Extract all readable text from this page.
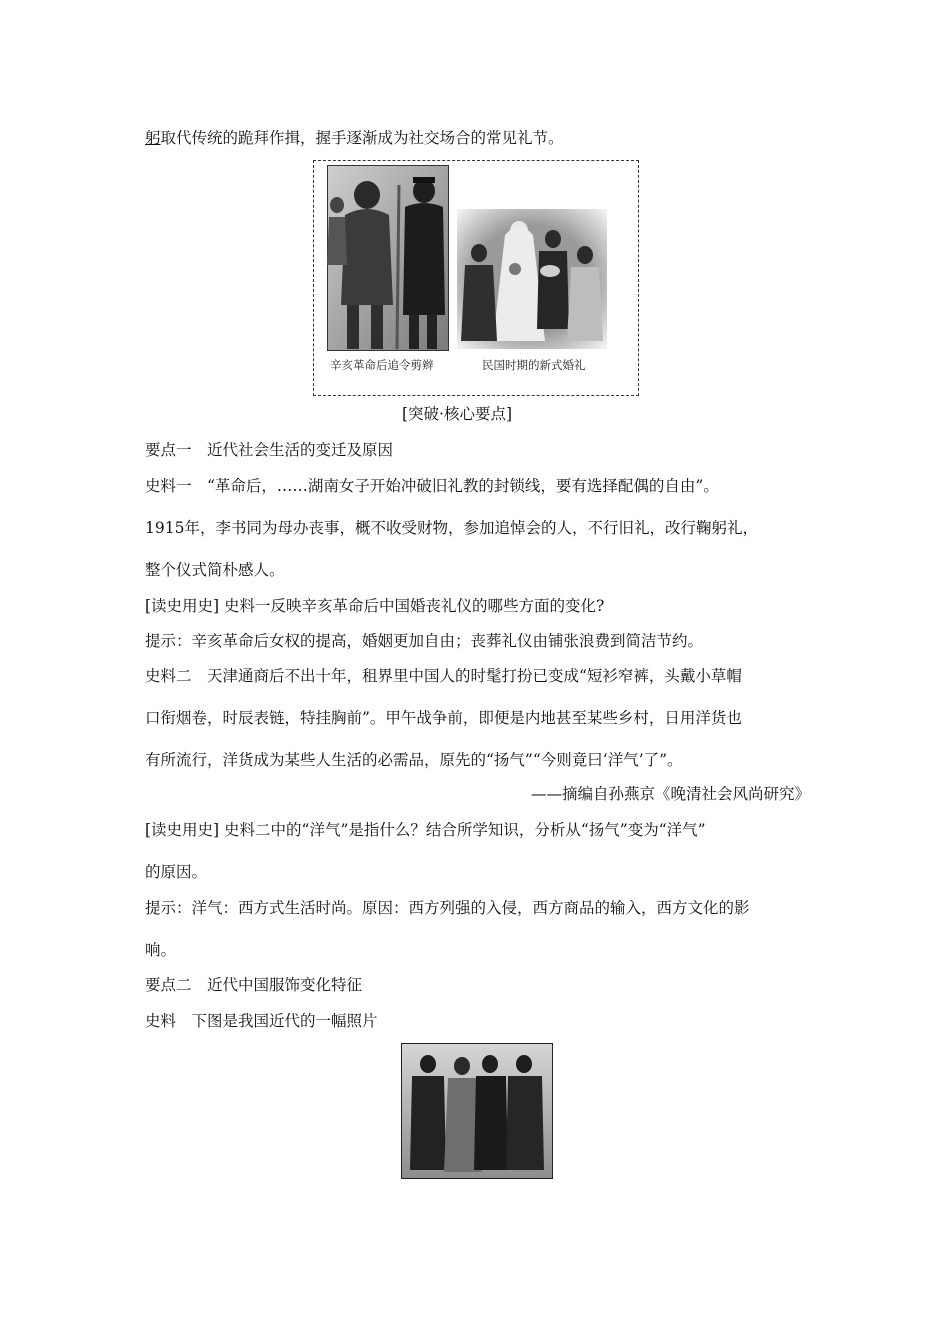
躬取代传统的跪拜作揖，握手逐渐成为社交场合的常见礼节。
辛亥革命后追令剪辫	民国时期的新式婚礼
[突破·核心要点]
要点一　近代社会生活的变迁及原因
史料一　“革命后，……湖南女子开始冲破旧礼教的封锁线，要有选择配偶的自由”。
1915年，李书同为母办丧事，概不收受财物，参加追悼会的人，不行旧礼，改行鞠躬礼，
整个仪式简朴感人。
[读史用史] 史料一反映辛亥革命后中国婚丧礼仪的哪些方面的变化?
提示：辛亥革命后女权的提高，婚姻更加自由；丧葬礼仪由铺张浪费到简洁节约。
史料二　天津通商后不出十年，租界里中国人的时髦打扮已变成“短衫窄裤，头戴小草帽
口衔烟卷，时辰表链，特挂胸前”。甲午战争前，即便是内地甚至某些乡村，日用洋货也
有所流行，洋货成为某些人生活的必需品，原先的“扬气”“今则竟曰‘洋气’了”。
——摘编自孙燕京《晚清社会风尚研究》
[读史用史] 史料二中的“洋气”是指什么？结合所学知识，分析从“扬气”变为“洋气”
的原因。
提示：洋气：西方式生活时尚。原因：西方列强的入侵，西方商品的输入，西方文化的影
响。
要点二　近代中国服饰变化特征
史料　下图是我国近代的一幅照片
